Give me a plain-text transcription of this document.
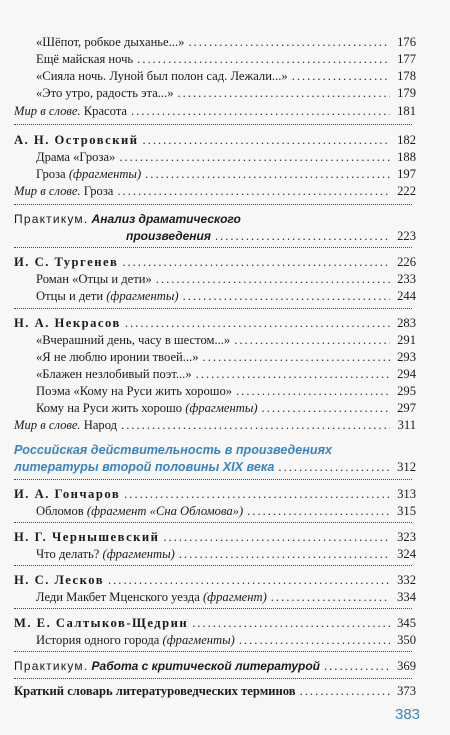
«Шёпот, робкое дыханье...» .....	176
Ещё майская ночь .....	177
«Сияла ночь. Луной был полон сад. Лежали...» .....	178
«Это утро, радость эта...» .....	179
Мир в слове. Красота .....	181
А. Н. Островский .....	182
Драма «Гроза» .....	188
Гроза (фрагменты) .....	197
Мир в слове. Гроза .....	222
Практикум. Анализ драматического
произведения .....	223
И. С. Тургенев .....	226
Роман «Отцы и дети» .....	233
Отцы и дети (фрагменты) .....	244
Н. А. Некрасов .....	283
«Вчерашний день, часу в шестом...» .....	291
«Я не люблю иронии твоей...» .....	293
«Блажен незлобивый поэт...» .....	294
Поэма «Кому на Руси жить хорошо» .....	295
Кому на Руси жить хорошо (фрагменты) .....	297
Мир в слове. Народ .....	311
Российская действительность в произведениях
литературы второй половины XIX века .....	312
И. А. Гончаров .....	313
Обломов (фрагмент «Сна Обломова») .....	315
Н. Г. Чернышевский .....	323
Что делать? (фрагменты) .....	324
Н. С. Лесков .....	332
Леди Макбет Мценского уезда (фрагмент) .....	334
М. Е. Салтыков-Щедрин .....	345
История одного города (фрагменты) .....	350
Практикум. Работа с критической литературой .....	369
Краткий словарь литературоведческих терминов .....	373
383
